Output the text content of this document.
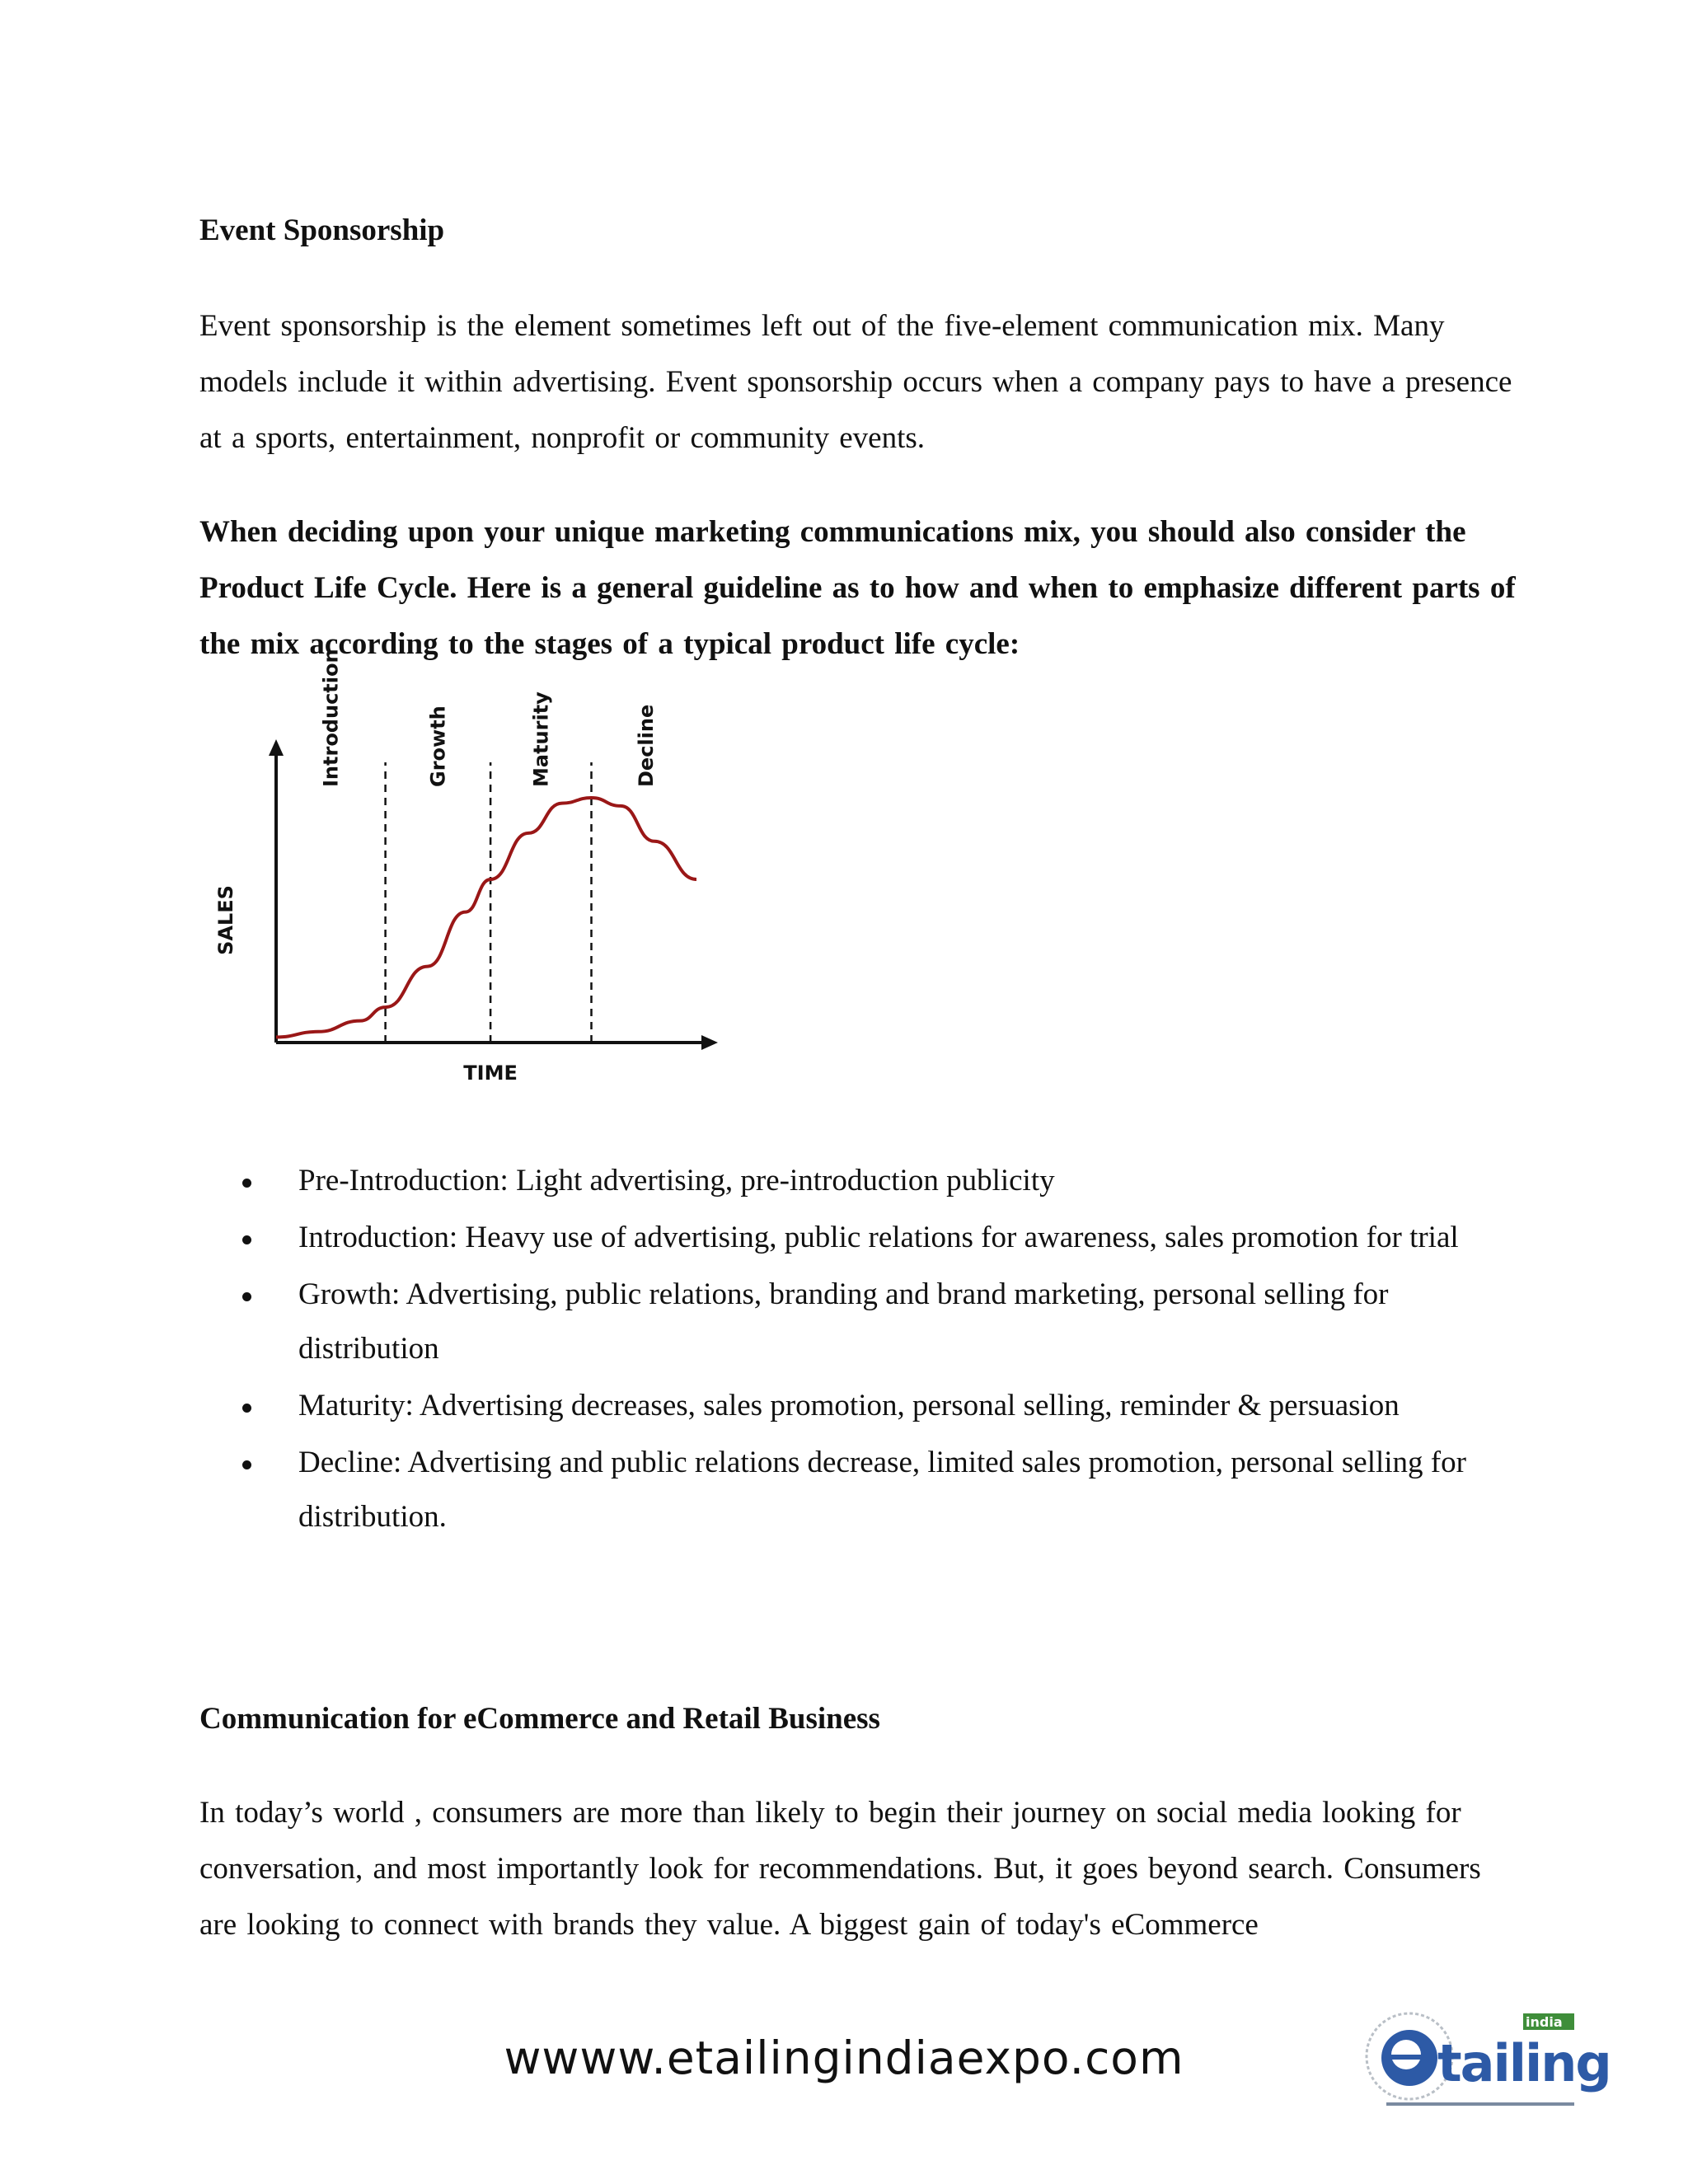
Event Sponsorship

Event sponsorship is the element sometimes left out of the five-element communication mix. Many models include it within advertising. Event sponsorship occurs when a company pays to have a presence at a sports, entertainment, nonprofit or community events.

When deciding upon your unique marketing communications mix, you should also consider the Product Life Cycle. Here is a general guideline as to how and when to emphasize different parts of the mix according to the stages of a typical product life cycle:

Introduction	Growth	Maturity	Decline
TIME
SALES
Pre-Introduction: Light advertising, pre-introduction publicity
Introduction: Heavy use of advertising, public relations for awareness, sales promotion for trial
Growth: Advertising, public relations, branding and brand marketing, personal selling for distribution
Maturity: Advertising decreases, sales promotion, personal selling, reminder & persuasion
Decline: Advertising and public relations decrease, limited sales promotion, personal selling for distribution.
Communication for eCommerce and Retail Business

In today’s world , consumers are more than likely to begin their journey on social media looking for conversation, and most importantly look for recommendations. But, it goes beyond search. Consumers are looking to connect with brands they value. A biggest gain of today's eCommerce

wwww.etailingindiaexpo.com	tailing
india
